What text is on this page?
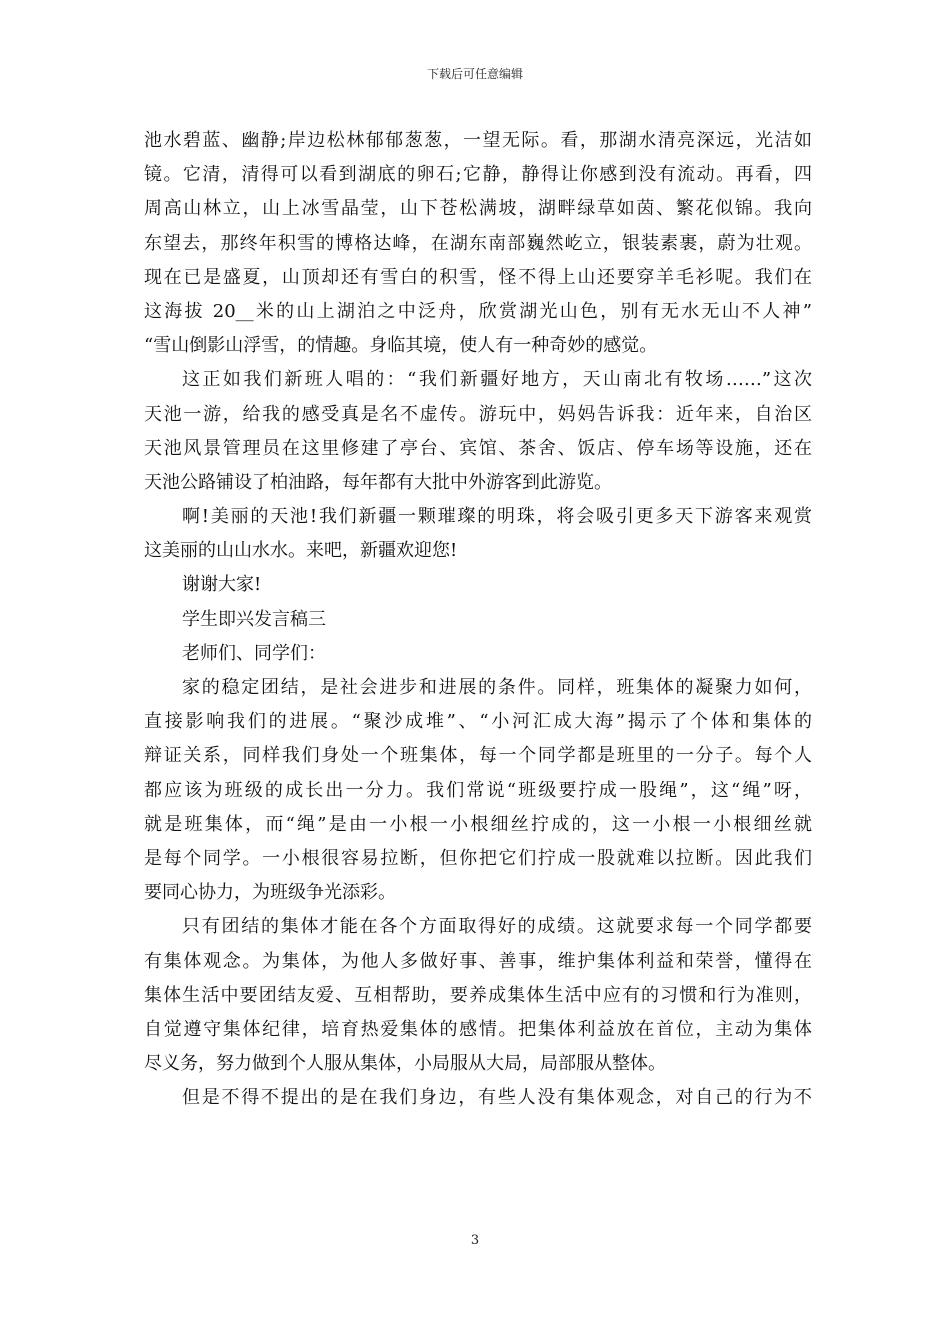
下载后可任意编辑
池水碧蓝、幽静;岸边松林郁郁葱葱，一望无际。看，那湖水清亮深远，光洁如
镜。它清，清得可以看到湖底的卵石;它静，静得让你感到没有流动。再看，四
周高山林立，山上冰雪晶莹，山下苍松满坡，湖畔绿草如茵、繁花似锦。我向
东望去，那终年积雪的博格达峰，在湖东南部巍然屹立，银装素裹，蔚为壮观。
现在已是盛夏，山顶却还有雪白的积雪，怪不得上山还要穿羊毛衫呢。我们在
这海拔 20__米的山上湖泊之中泛舟，欣赏湖光山色，别有无水无山不人神”
“雪山倒影山浮雪，的情趣。身临其境，使人有一种奇妙的感觉。
这正如我们新班人唱的：“我们新疆好地方，天山南北有牧场……”这次
天池一游，给我的感受真是名不虚传。游玩中，妈妈告诉我：近年来，自治区
天池风景管理员在这里修建了亭台、宾馆、茶舍、饭店、停车场等设施，还在
天池公路铺设了柏油路，每年都有大批中外游客到此游览。
啊!美丽的天池!我们新疆一颗璀璨的明珠，将会吸引更多天下游客来观赏
这美丽的山山水水。来吧，新疆欢迎您!
谢谢大家!
学生即兴发言稿三
老师们、同学们：
家的稳定团结，是社会进步和进展的条件。同样，班集体的凝聚力如何，
直接影响我们的进展。“聚沙成堆”、“小河汇成大海”揭示了个体和集体的
辩证关系，同样我们身处一个班集体，每一个同学都是班里的一分子。每个人
都应该为班级的成长出一分力。我们常说“班级要拧成一股绳”，这“绳”呀，
就是班集体，而“绳”是由一小根一小根细丝拧成的，这一小根一小根细丝就
是每个同学。一小根很容易拉断，但你把它们拧成一股就难以拉断。因此我们
要同心协力，为班级争光添彩。
只有团结的集体才能在各个方面取得好的成绩。这就要求每一个同学都要
有集体观念。为集体，为他人多做好事、善事，维护集体利益和荣誉，懂得在
集体生活中要团结友爱、互相帮助，要养成集体生活中应有的习惯和行为准则，
自觉遵守集体纪律，培育热爱集体的感情。把集体利益放在首位，主动为集体
尽义务，努力做到个人服从集体，小局服从大局，局部服从整体。
但是不得不提出的是在我们身边，有些人没有集体观念，对自己的行为不
3
